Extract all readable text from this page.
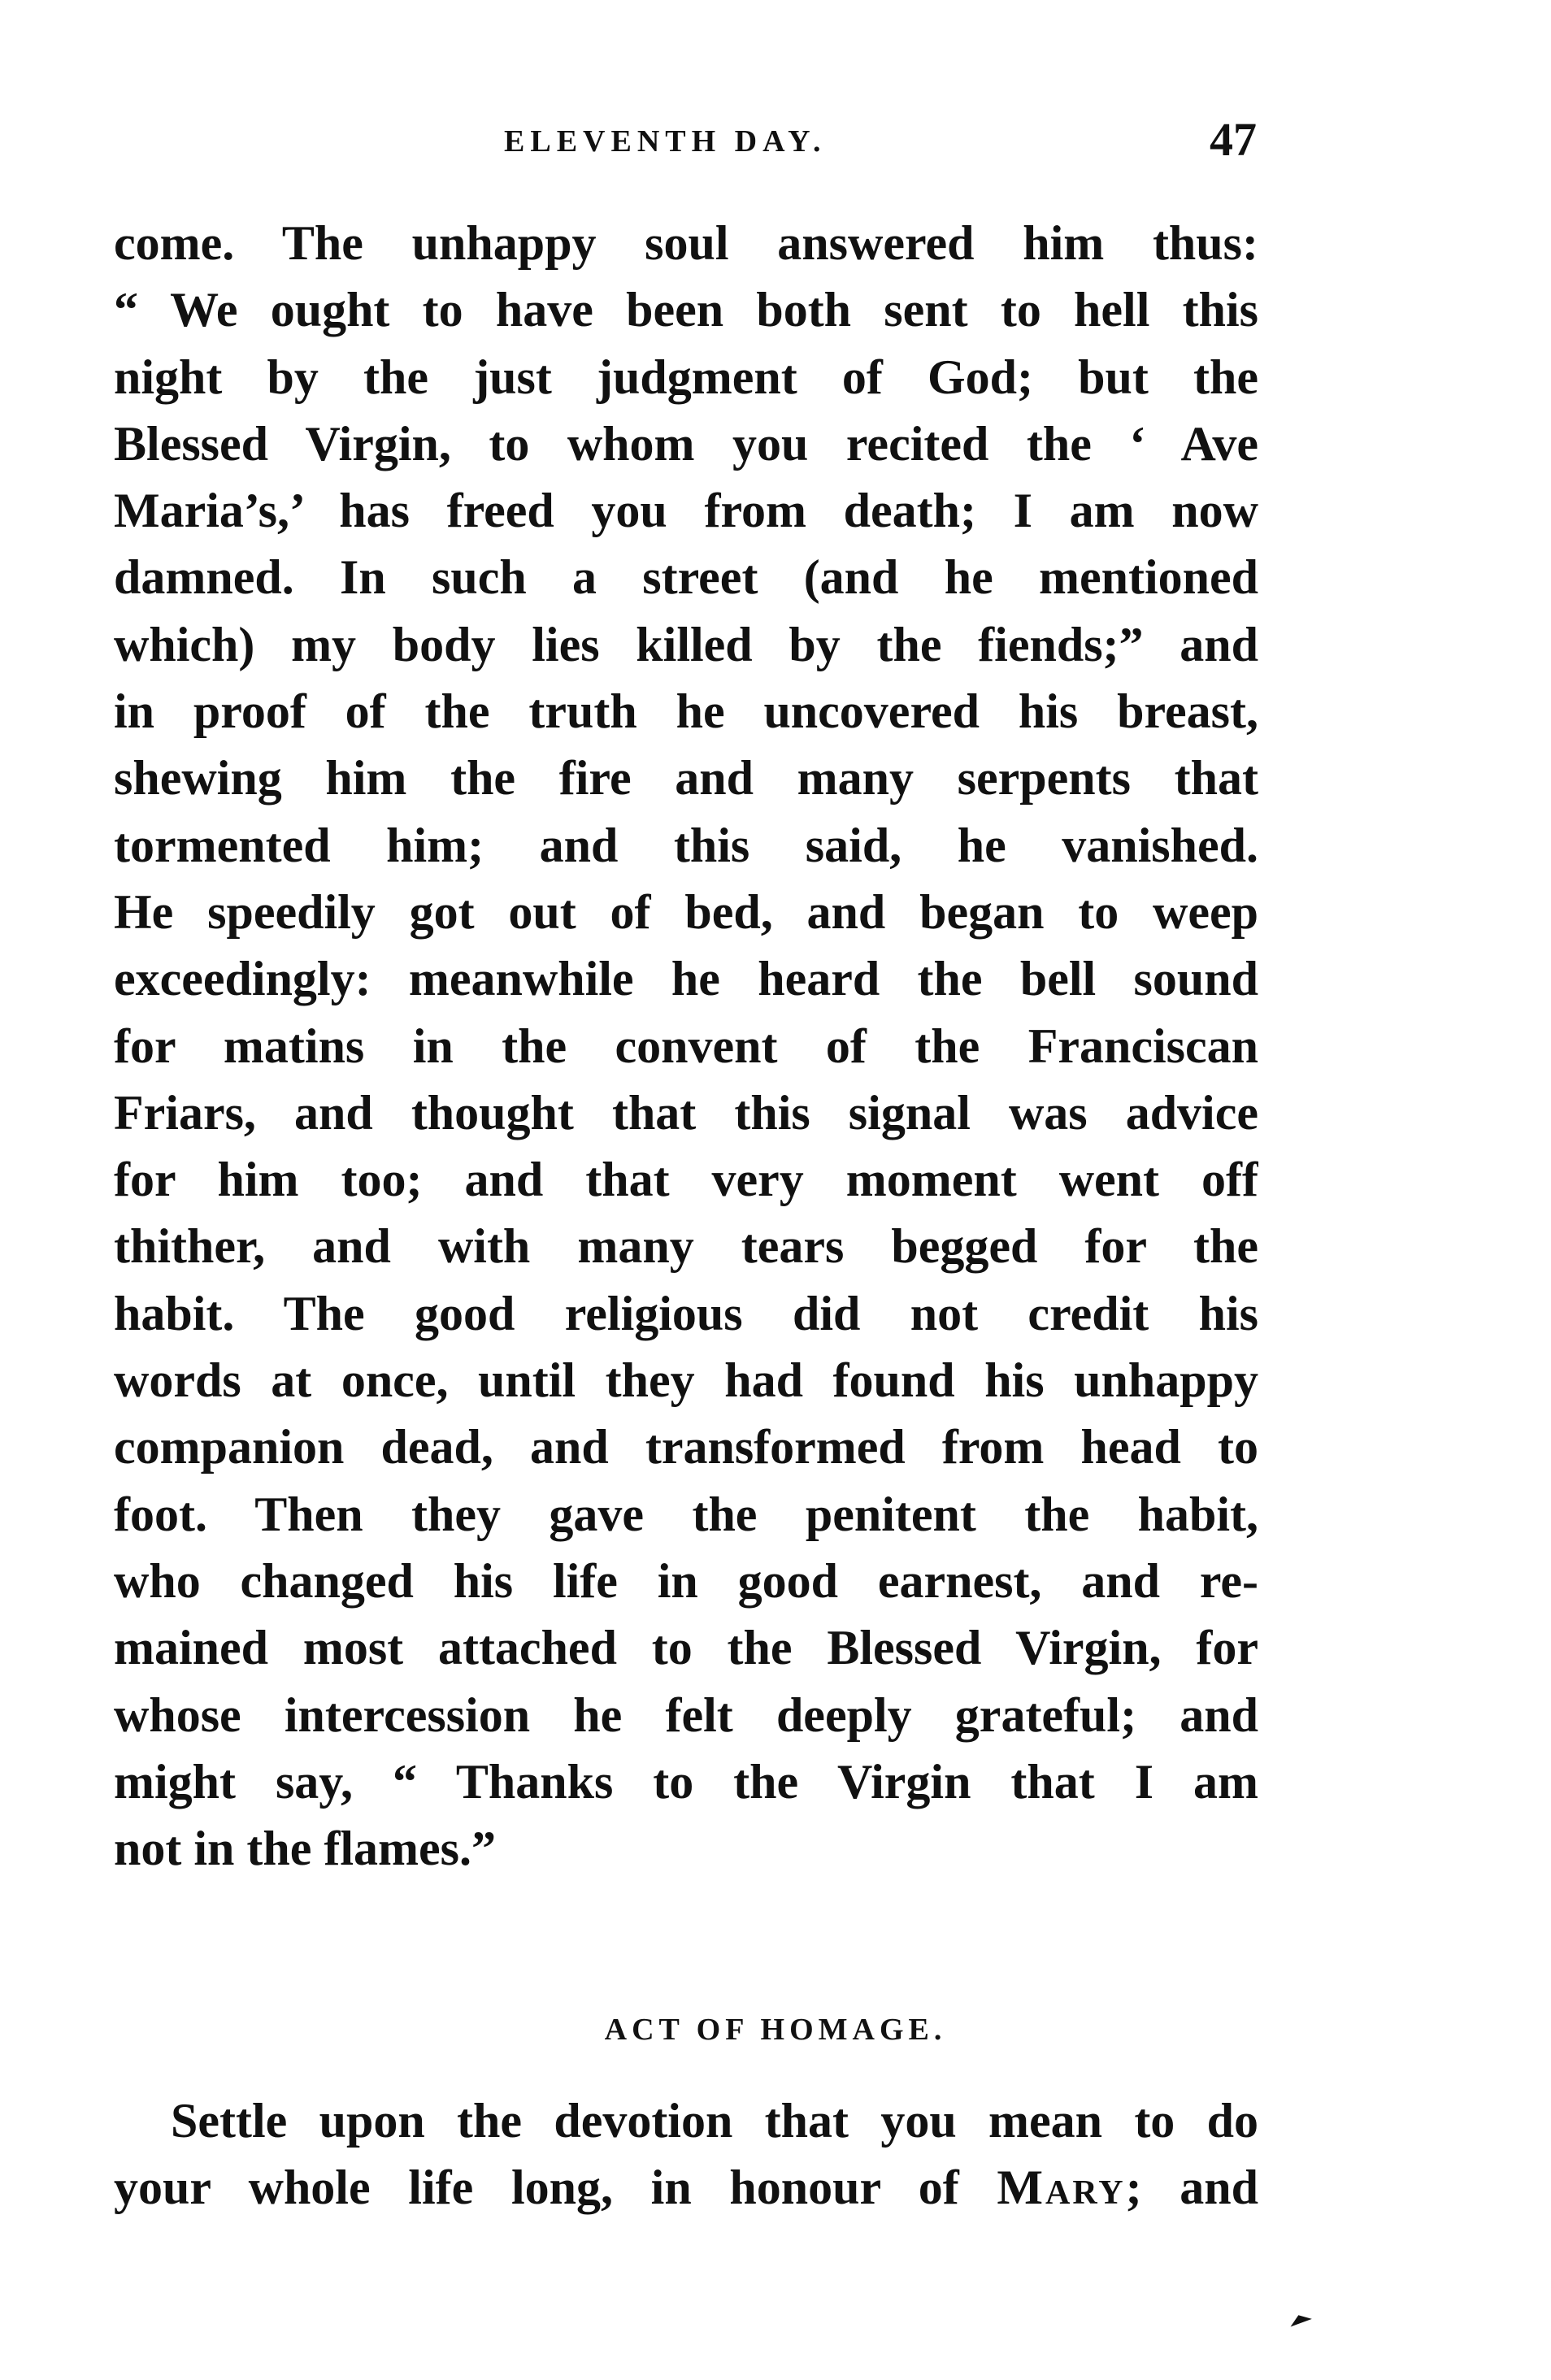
ELEVENTH DAY.	47
come. The unhappy soul answered him thus:
“ We ought to have been both sent to hell this
night by the just judgment of God; but the
Blessed Virgin, to whom you recited the ‘ Ave
Maria’s,’ has freed you from death; I am now
damned. In such a street (and he mentioned
which) my body lies killed by the fiends;” and
in proof of the truth he uncovered his breast,
shewing him the fire and many serpents that
tormented him; and this said, he vanished.
He speedily got out of bed, and began to weep
exceedingly: meanwhile he heard the bell sound
for matins in the convent of the Franciscan
Friars, and thought that this signal was advice
for him too; and that very moment went off
thither, and with many tears begged for the
habit. The good religious did not credit his
words at once, until they had found his unhappy
companion dead, and transformed from head to
foot. Then they gave the penitent the habit,
who changed his life in good earnest, and re-
mained most attached to the Blessed Virgin, for
whose intercession he felt deeply grateful; and
might say, “ Thanks to the Virgin that I am
not in the flames.”
ACT OF HOMAGE.
Settle upon the devotion that you mean to do
your whole life long, in honour of Mary; and
